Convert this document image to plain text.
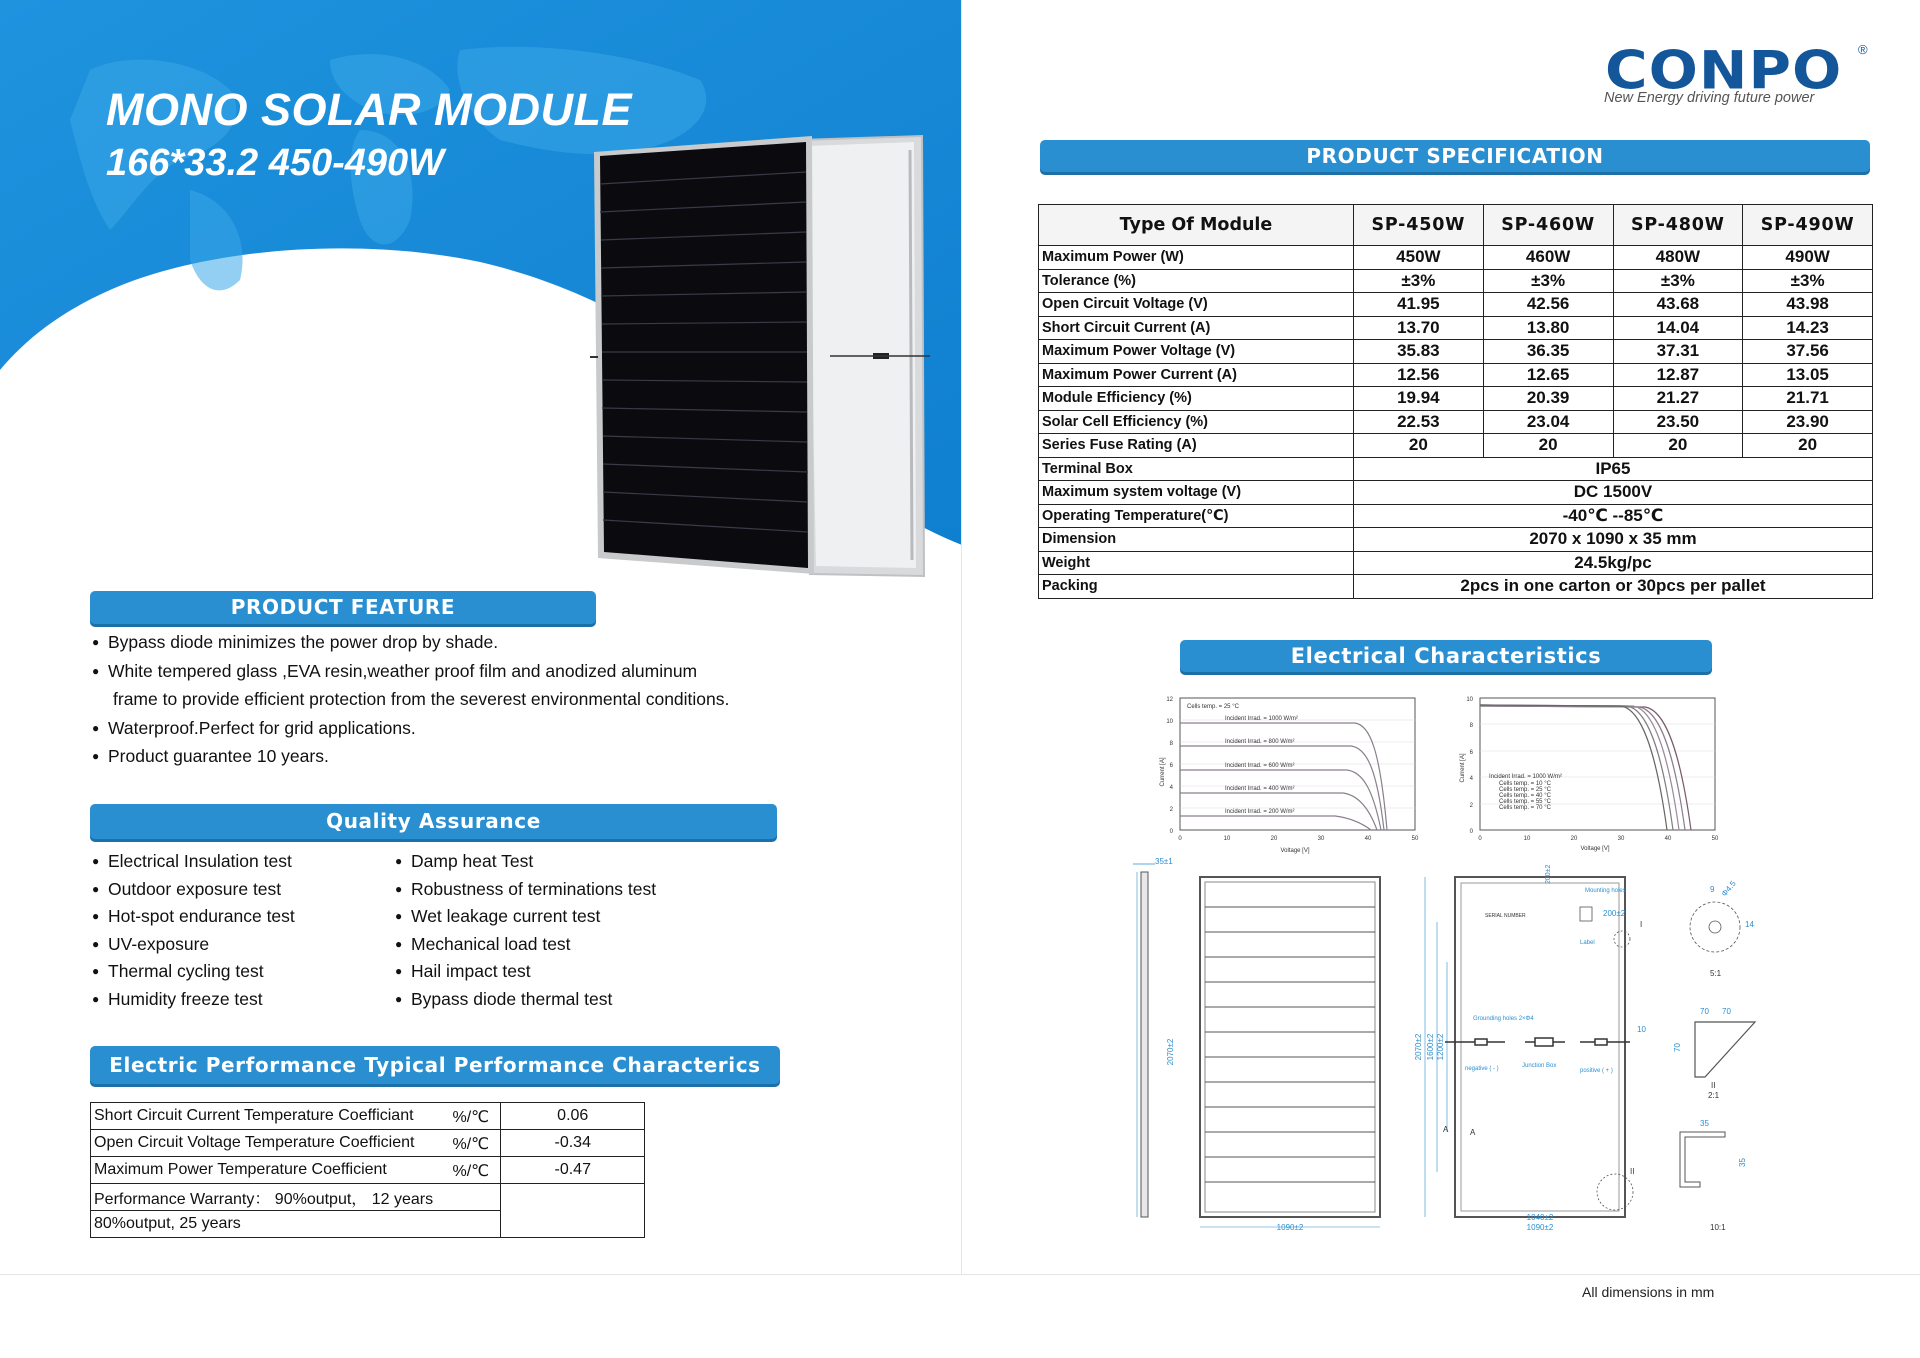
MONO SOLAR MODULE
166*33.2 450-490W
PRODUCT FEATURE
● Bypass diode minimizes the power drop by shade.
● White tempered glass ,EVA resin,weather proof film and anodized aluminum
frame to provide efficient protection from the severest environmental conditions.
● Waterproof.Perfect for grid applications.
● Product guarantee 10 years.
Quality Assurance
● Electrical Insulation test
● Outdoor exposure test
● Hot-spot endurance test
● UV-exposure
● Thermal cycling test
● Humidity freeze test
● Damp heat Test
● Robustness of terminations test
● Wet leakage current test
● Mechanical load test
● Hail impact test
● Bypass diode thermal test
Electric Performance Typical Performance Characterics
Short Circuit Current Temperature Coefficiant %/℃		0.06
Open Circuit Voltage Temperature Coefficient %/℃		-0.34
Maximum Power Temperature Coefficient %/℃		-0.47
Performance Warranty： 90%output， 12 years	
80%output, 25 years	
CONPO ®
New Energy driving future power
PRODUCT SPECIFICATION
Type Of Module	SP-450W	SP-460W	SP-480W	SP-490W
Maximum Power (W)	450W	460W	480W	490W
Tolerance (%)	±3%	±3%	±3%	±3%
Open Circuit Voltage (V)	41.95	42.56	43.68	43.98
Short Circuit Current (A)	13.70	13.80	14.04	14.23
Maximum Power Voltage (V)	35.83	36.35	37.31	37.56
Maximum Power Current (A)	12.56	12.65	12.87	13.05
Module Efficiency (%)	19.94	20.39	21.27	21.71
Solar Cell Efficiency (%)	22.53	23.04	23.50	23.90
Series Fuse Rating (A)	20	20	20	20
Terminal Box	IP65			
Maximum system voltage (V)	DC 1500V			
Operating Temperature(℃)	-40℃ --85℃			
Dimension	2070 x 1090 x 35 mm			
Weight	24.5kg/pc			
Packing	2pcs in one carton or 30pcs per pallet			
Electrical Characteristics
Cells temp. = 25 °C
Incident Irrad. = 1000 W/m²
Incident Irrad. = 800 W/m²
Incident Irrad. = 600 W/m²
Incident Irrad. = 400 W/m²
Incident Irrad. = 200 W/m²
12
10
8
6
4
2
0
0	10	20	30	40	50
Voltage [V]
Current [A]	Incident Irrad. = 1000 W/m²
Cells temp. = 10 °C
Cells temp. = 25 °C
Cells temp. = 40 °C
Cells temp. = 55 °C
Cells temp. = 70 °C
10
8
6
4
2
0
0	10	20	30	40	50
Voltage [V]
Current [A]
35±1
2070±2
1090±2
2070±2 1600±2 1200±2
1040±2
1090±2
Mounting holes
200±2
200±2
Label
SERIAL NUMBER
Grounding holes 2×Φ4
negative ( - )	Junction Box
positive ( + )
10
I
II
A	A
9 Φ4.5
14
5:1
70 70
70
II
2:1
35
35
10:1
All dimensions in mm
